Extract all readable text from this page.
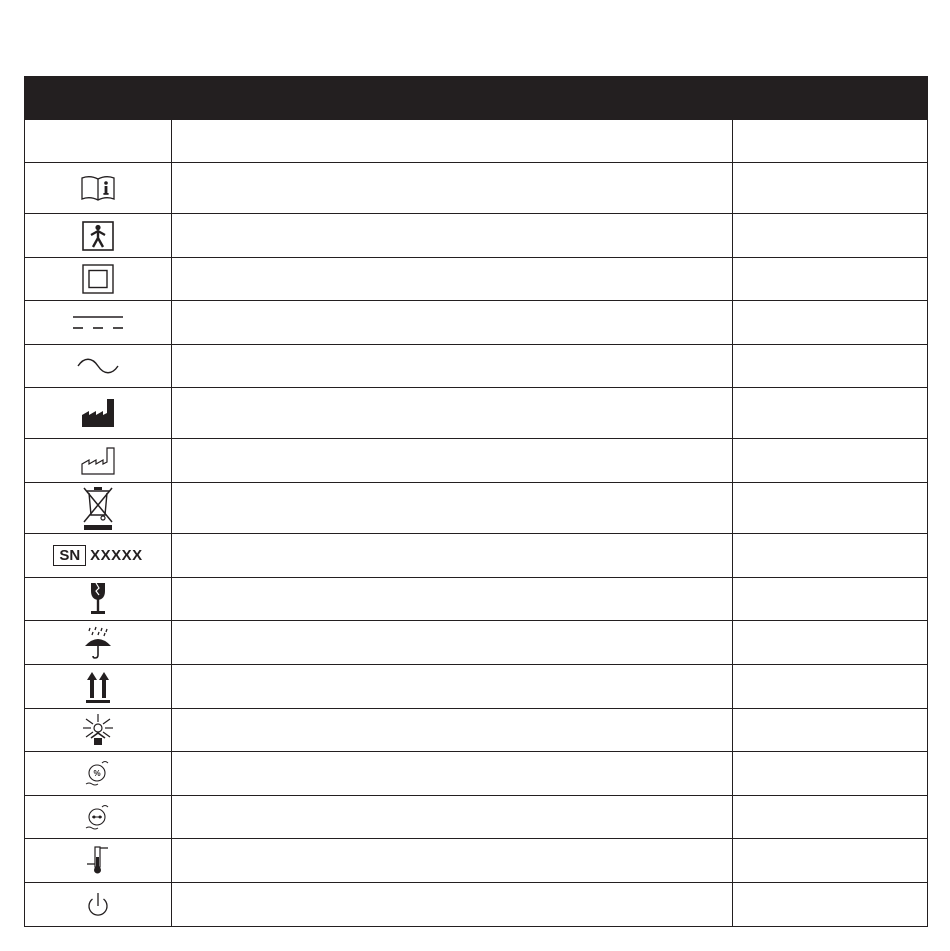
SN XXXXX		

%		
